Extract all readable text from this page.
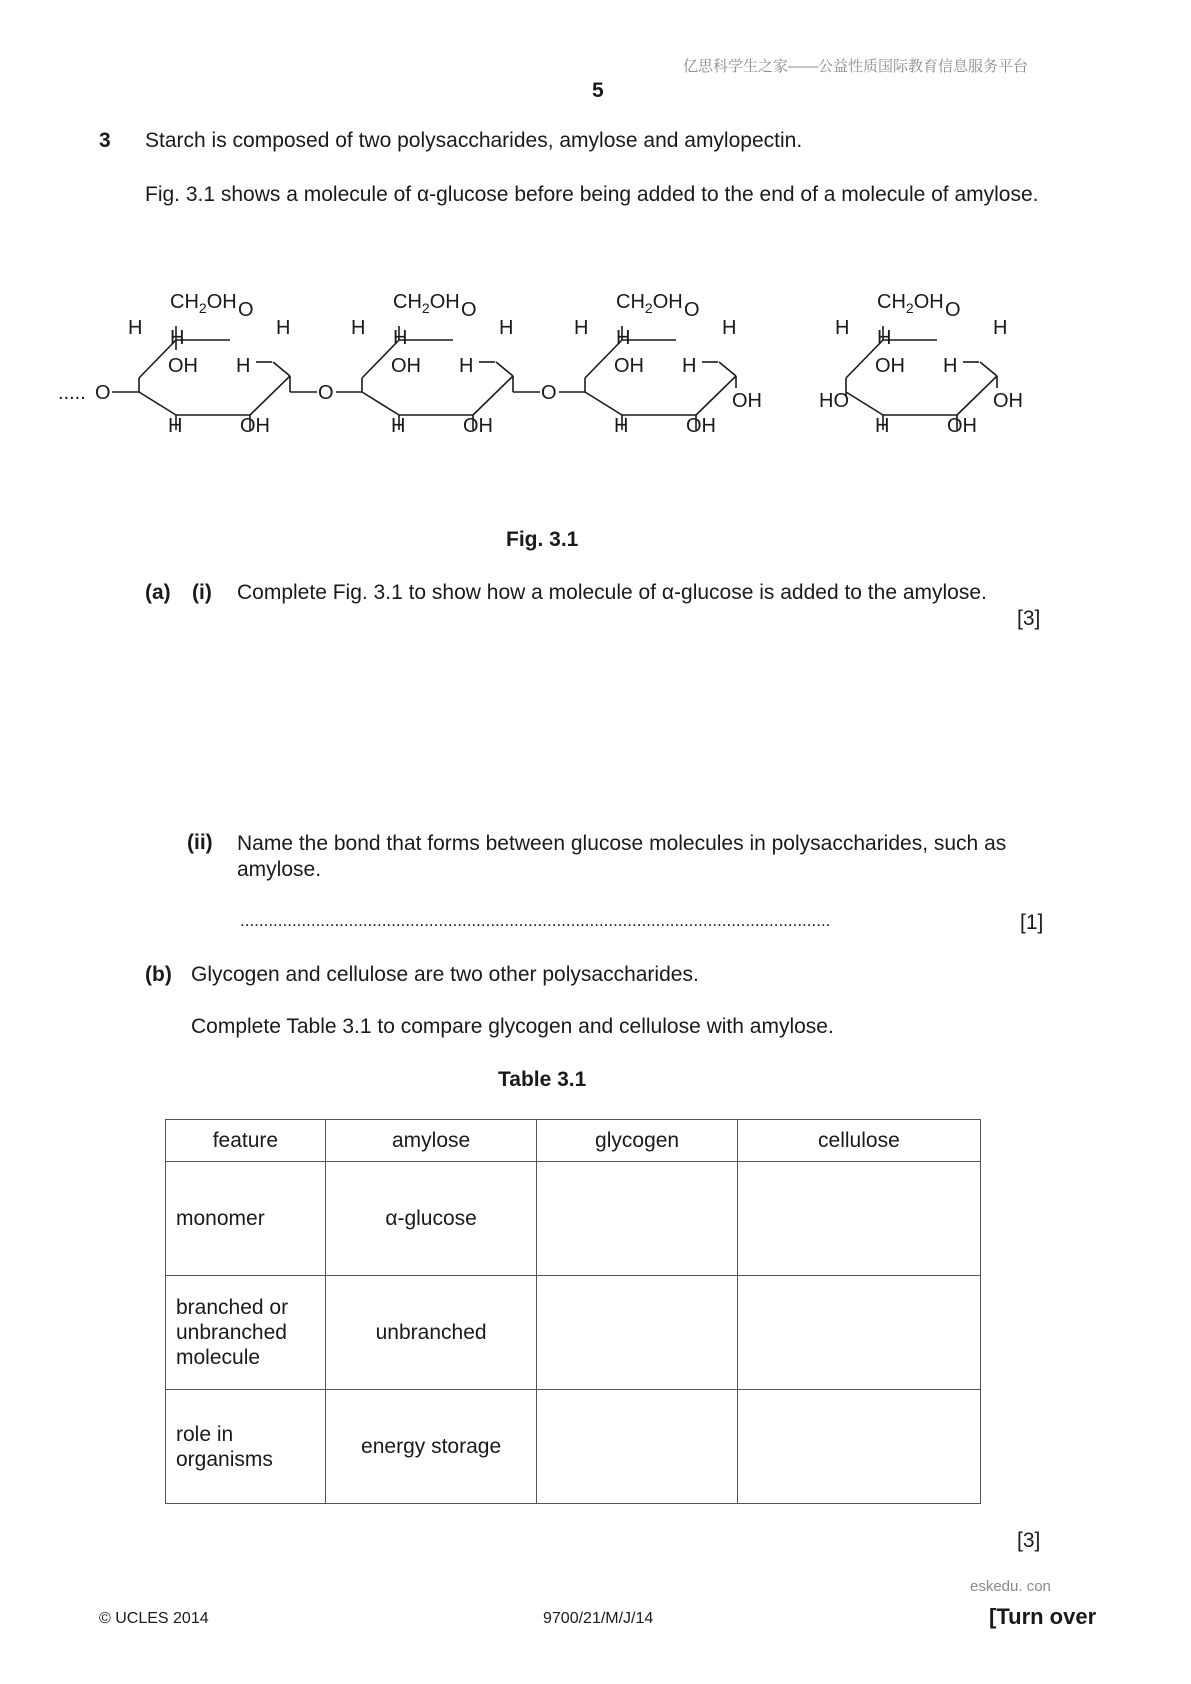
亿思科学生之家——公益性质国际教育信息服务平台
5
3 Starch is composed of two polysaccharides, amylose and amylopectin.
Fig. 3.1 shows a molecule of α-glucose before being added to the end of a molecule of amylose.
..... O
$CH_2OH$ O
H H	H
OH H
H	OH
O
$CH_2OH$ O
H H	H
OH H
H	OH
O
$CH_2OH$ O
H H	H
OH H
H	OH
OH
$CH_2OH$ O
H H	H
OH H
H	OH
HO	OH
Fig. 3.1
(a) (i) Complete Fig. 3.1 to show how a molecule of α-glucose is added to the amylose.
[3]
(ii) Name the bond that forms between glucose molecules in polysaccharides, such as amylose.
.............................................................................................................................	[1]
(b) Glycogen and cellulose are two other polysaccharides.
Complete Table 3.1 to compare glycogen and cellulose with amylose.
Table 3.1
feature	amylose	glycogen	cellulose
monomer	α-glucose		
branched or unbranched molecule	unbranched		
role in organisms	energy storage		
[3]
eskedu. con
© UCLES 2014	9700/21/M/J/14	[Turn over
